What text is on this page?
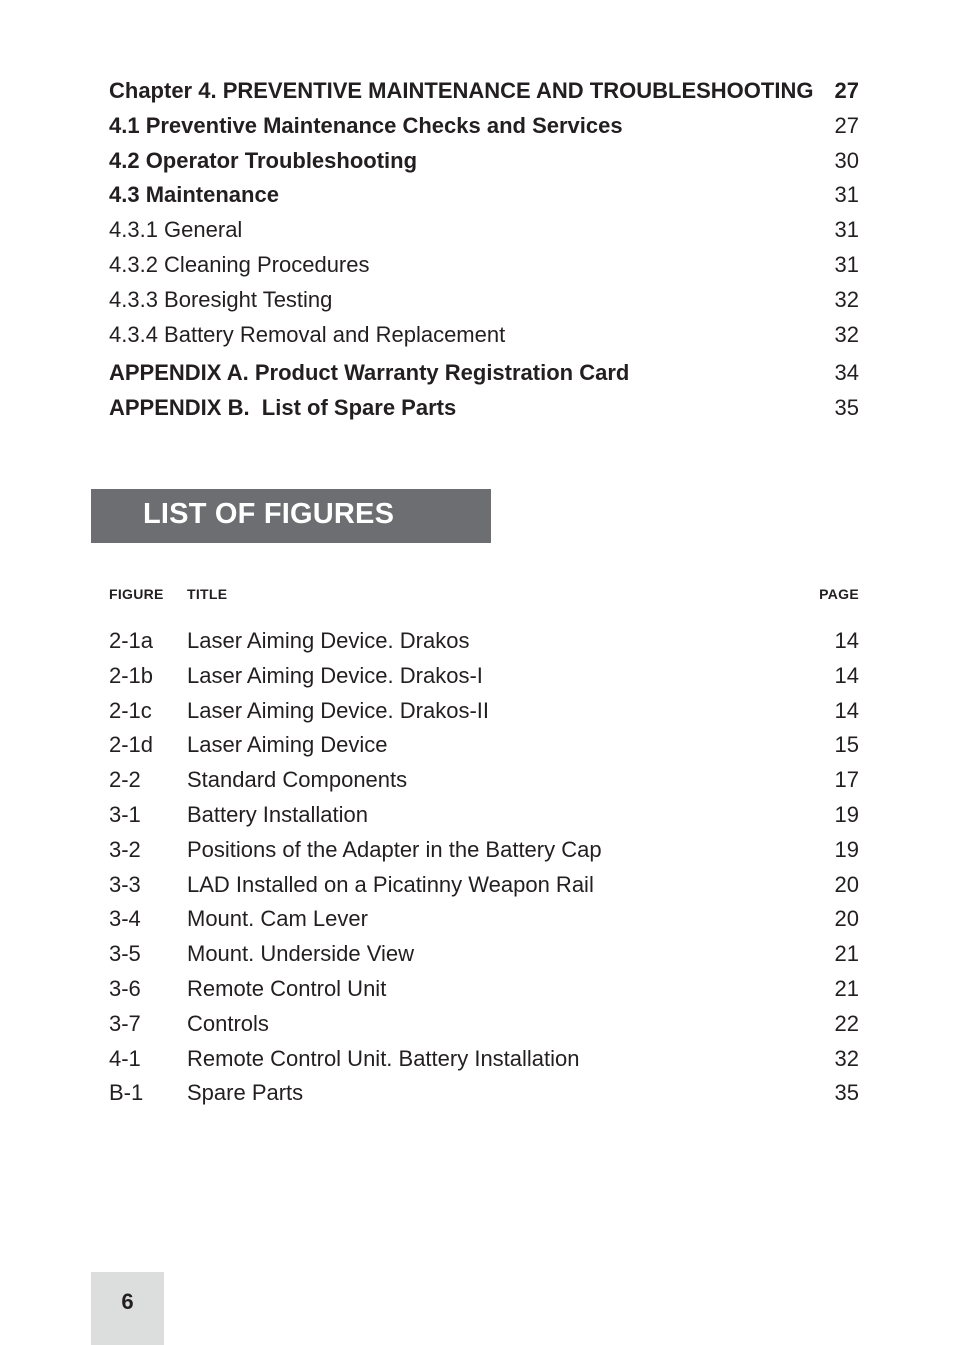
Chapter 4. PREVENTIVE MAINTENANCE AND TROUBLESHOOTING 27
4.1 Preventive Maintenance Checks and Services	27
4.2 Operator Troubleshooting	30
4.3 Maintenance	31
4.3.1 General	31
4.3.2 Cleaning Procedures	31
4.3.3 Boresight Testing	32
4.3.4 Battery Removal and Replacement	32
APPENDIX A. Product Warranty Registration Card	34
APPENDIX B.  List of Spare Parts	35
LIST OF FIGURES
FIGURE TITLE	PAGE
2-1a Laser Aiming Device. Drakos	14
2-1b Laser Aiming Device. Drakos-I	14
2-1c Laser Aiming Device. Drakos-II	14
2-1d Laser Aiming Device	15
2-2 Standard Components	17
3-1 Battery Installation	19
3-2 Positions of the Adapter in the Battery Cap	19
3-3 LAD Installed on a Picatinny Weapon Rail	20
3-4 Mount. Cam Lever	20
3-5 Mount. Underside View	21
3-6 Remote Control Unit	21
3-7 Controls	22
4-1 Remote Control Unit. Battery Installation	32
B-1 Spare Parts	35
6
